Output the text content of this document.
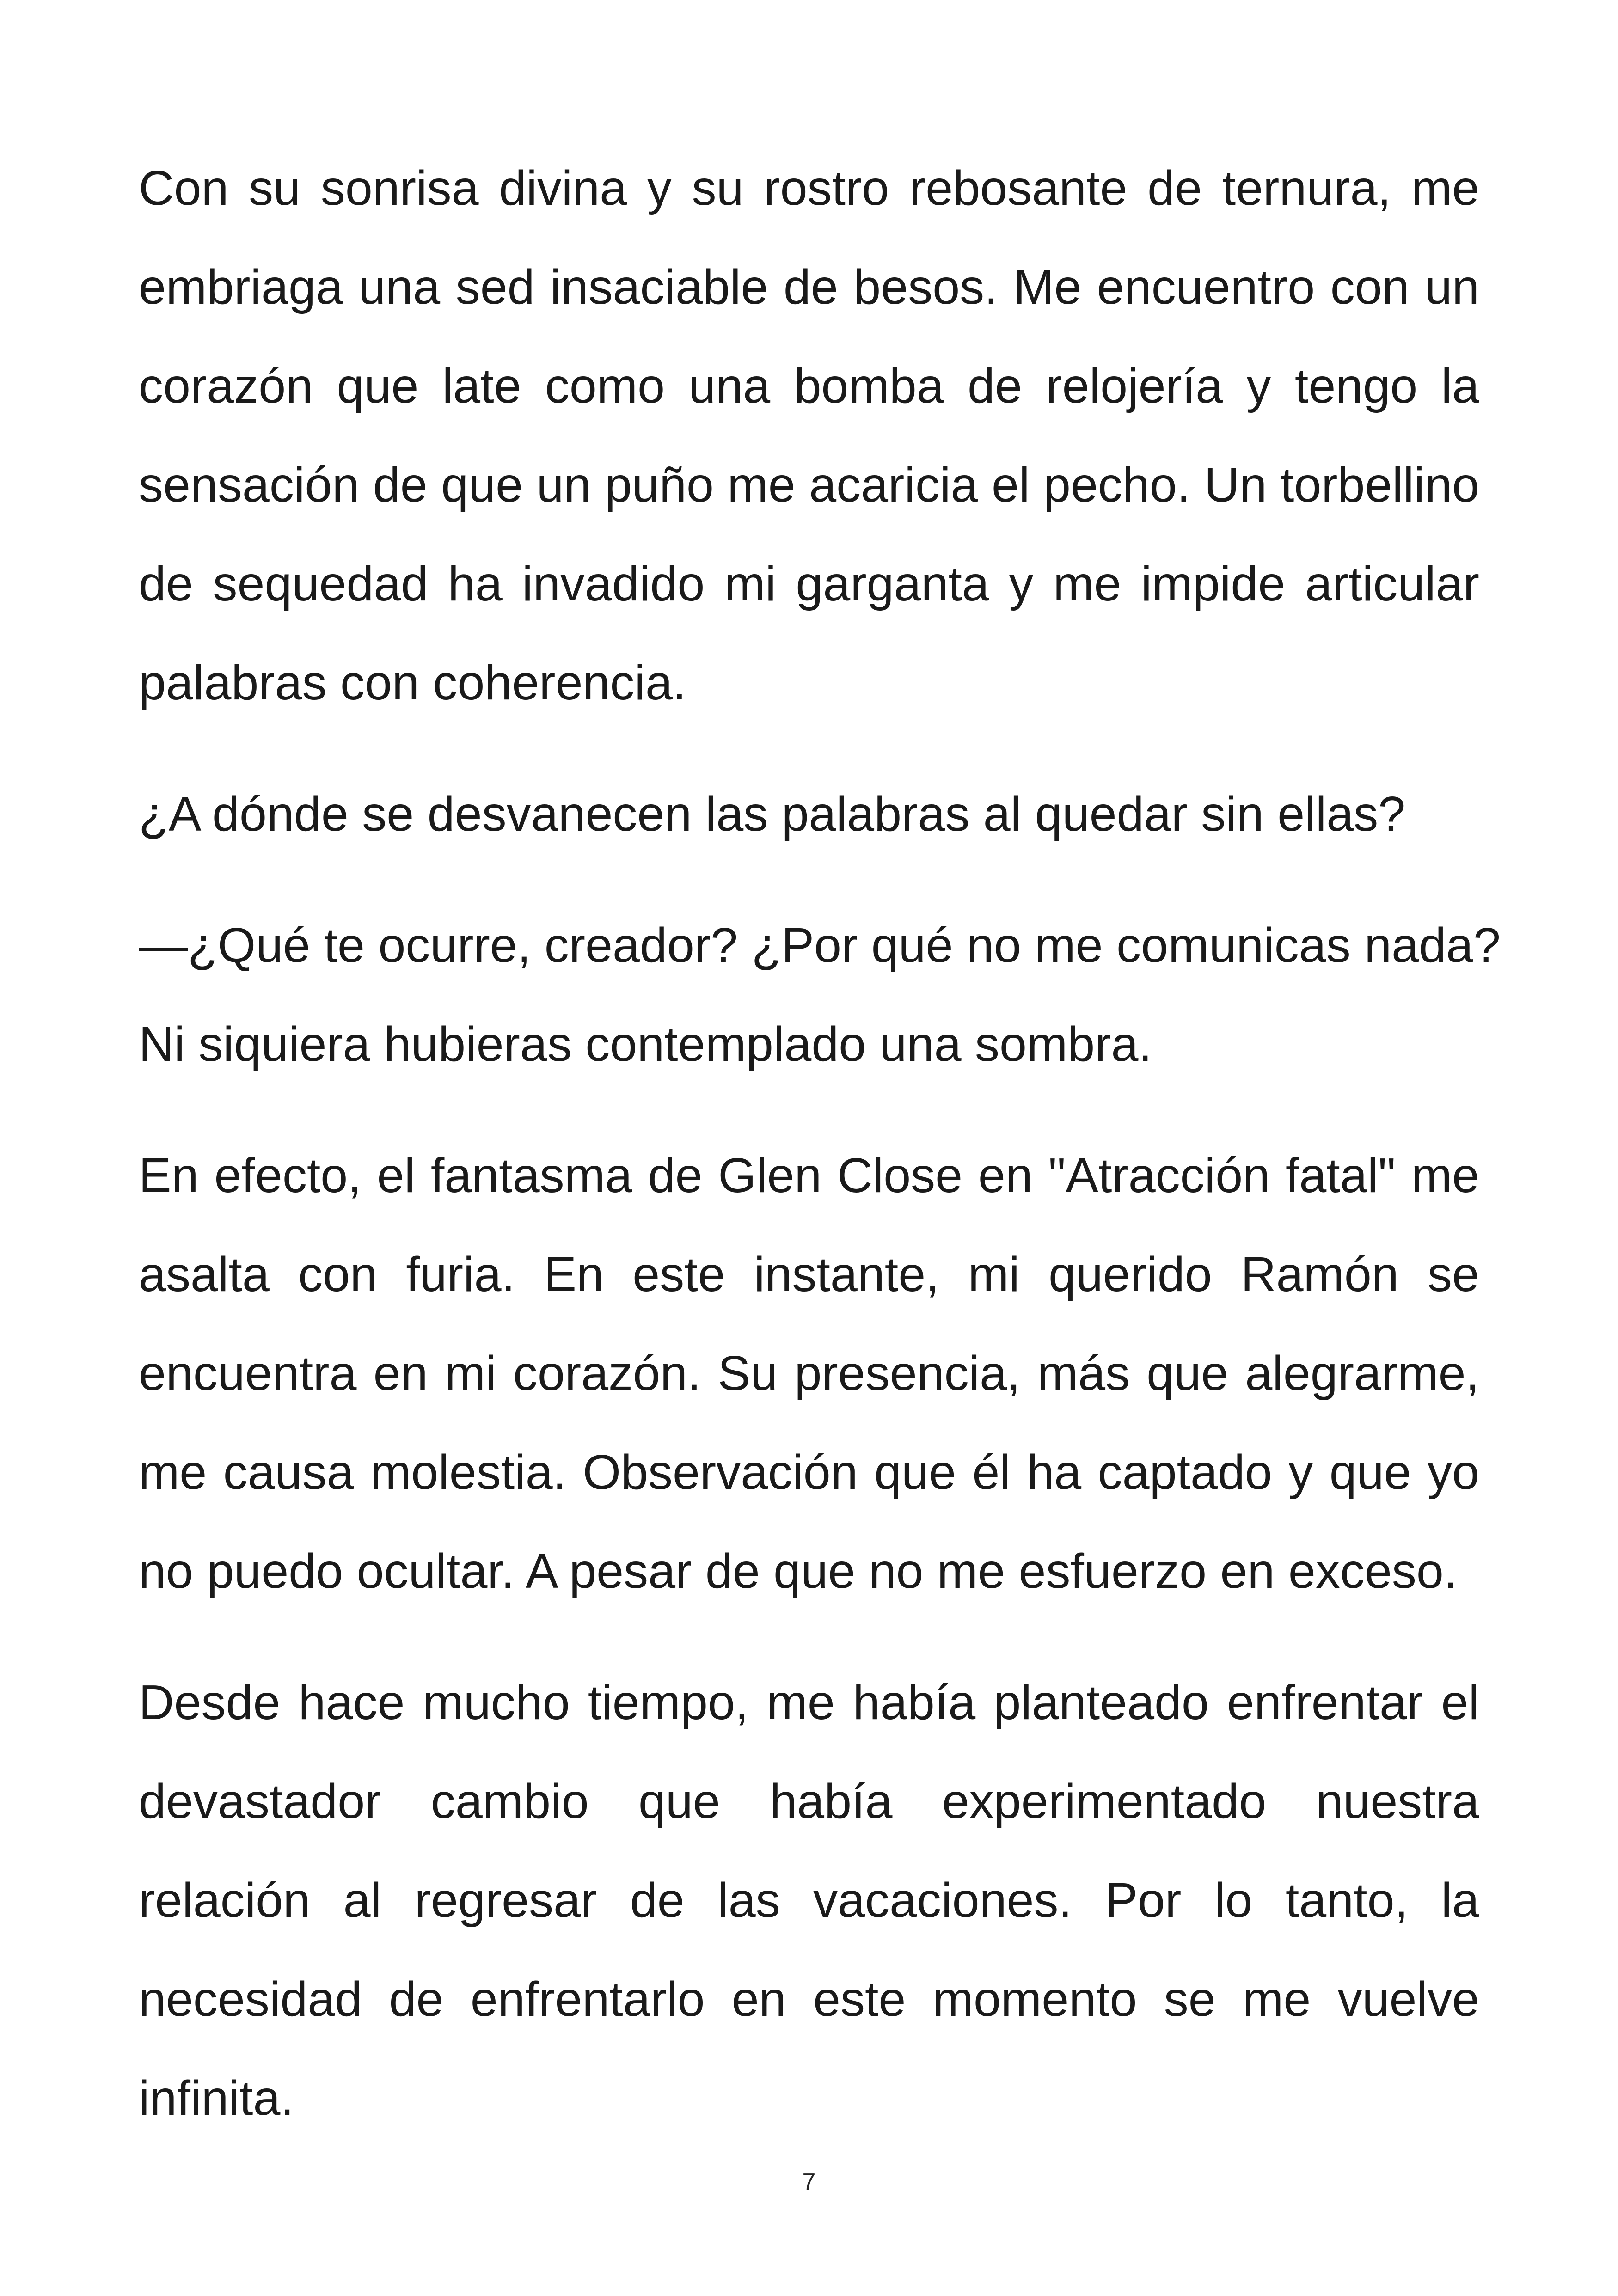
Con su sonrisa divina y su rostro rebosante de ternura, me
embriaga una sed insaciable de besos. Me encuentro con un
corazón que late como una bomba de relojería y tengo la
sensación de que un puño me acaricia el pecho. Un torbellino
de sequedad ha invadido mi garganta y me impide articular
palabras con coherencia.
¿A dónde se desvanecen las palabras al quedar sin ellas?
—¿Qué te ocurre, creador? ¿Por qué no me comunicas nada?
Ni siquiera hubieras contemplado una sombra.
En efecto, el fantasma de Glen Close en "Atracción fatal" me
asalta con furia. En este instante, mi querido Ramón se
encuentra en mi corazón. Su presencia, más que alegrarme,
me causa molestia. Observación que él ha captado y que yo
no puedo ocultar. A pesar de que no me esfuerzo en exceso.
Desde hace mucho tiempo, me había planteado enfrentar el
devastador cambio que había experimentado nuestra
relación al regresar de las vacaciones. Por lo tanto, la
necesidad de enfrentarlo en este momento se me vuelve
infinita.
7
